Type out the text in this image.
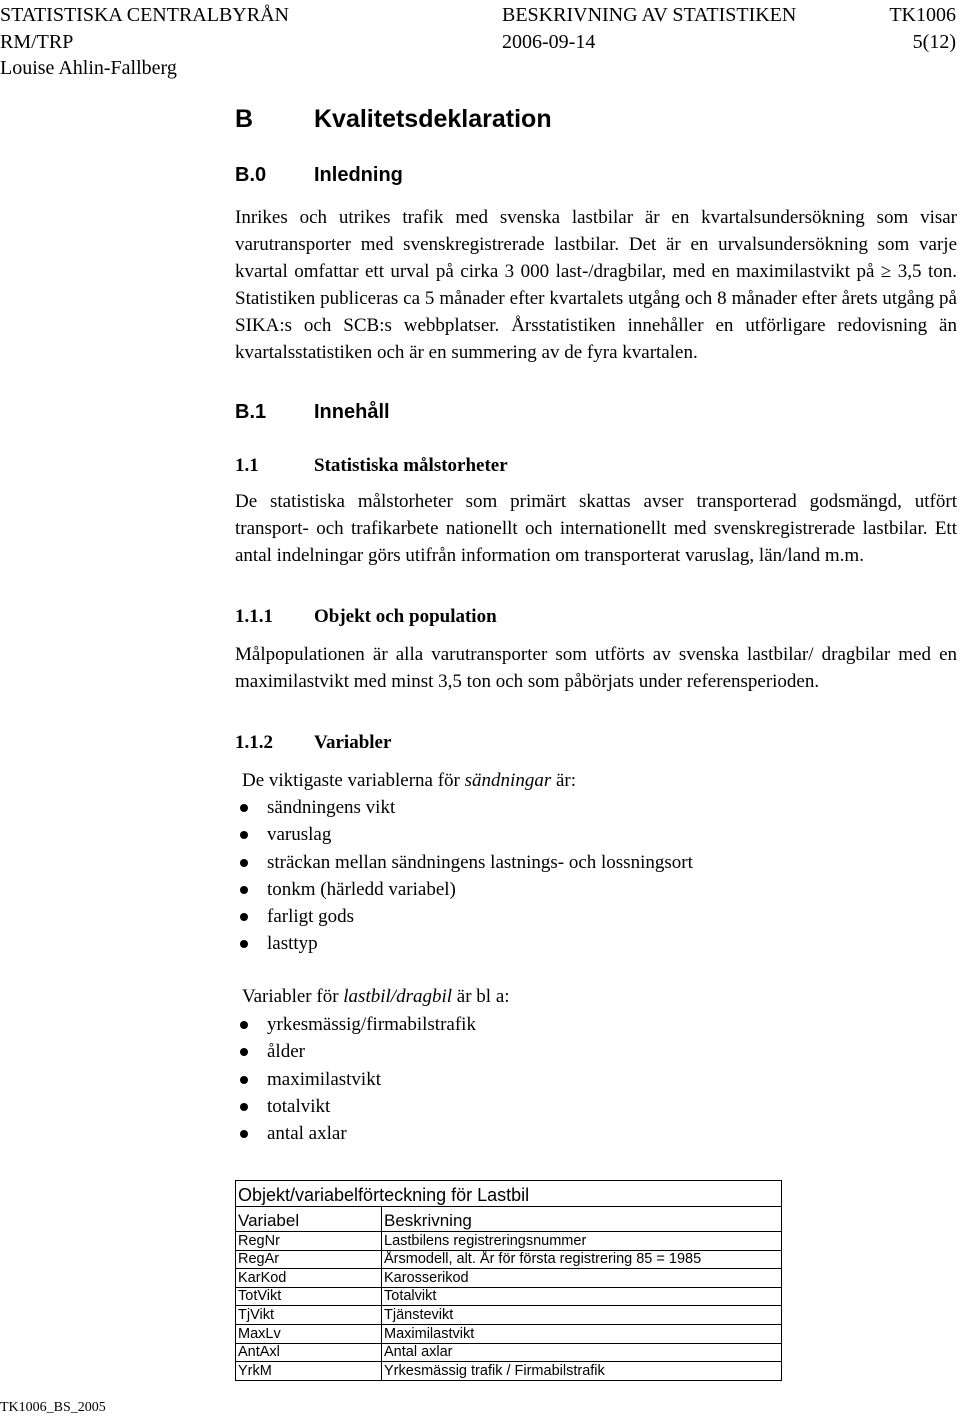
STATISTISKA CENTRALBYRÅN	BESKRIVNING AV STATISTIKEN	TK1006
RM/TRP	2006-09-14	5(12)
Louise Ahlin-Fallberg
B Kvalitetsdeklaration
B.0 Inledning

Inrikes och utrikes trafik med svenska lastbilar är en kvartalsundersökning som visar varutransporter med svenskregistrerade lastbilar. Det är en urvalsundersökning som varje kvartal omfattar ett urval på cirka 3 000 last-/dragbilar, med en maximilastvikt på ≥ 3,5 ton. Statistiken publiceras ca 5 månader efter kvartalets utgång och 8 månader efter årets utgång på SIKA:s och SCB:s webbplatser. Årsstatistiken innehåller en utförligare redovisning än kvartalsstatistiken och är en summering av de fyra kvartalen.

B.1 Innehåll
1.1	Statistiska målstorheter

De statistiska målstorheter som primärt skattas avser transporterad godsmängd, utfört transport- och trafikarbete nationellt och internationellt med svenskregistrerade lastbilar. Ett antal indelningar görs utifrån information om transporterat varuslag, län/land m.m.

1.1.1 Objekt och population

Målpopulationen är alla varutransporter som utförts av svenska lastbilar/ dragbilar med en maximilastvikt med minst 3,5 ton och som påbörjats under referensperioden.

1.1.2 Variabler
De viktigaste variablerna för sändningar är:
sändningens vikt
varuslag
sträckan mellan sändningens lastnings- och lossningsort
tonkm (härledd variabel)
farligt gods
lasttyp
Variabler för lastbil/dragbil är bl a:
yrkesmässig/firmabilstrafik
ålder
maximilastvikt
totalvikt
antal axlar
Objekt/variabelförteckning för Lastbil	
Variabel	Beskrivning
RegNr	Lastbilens registreringsnummer
RegAr	Årsmodell, alt. År för första registrering 85 = 1985
KarKod	Karosserikod
TotVikt	Totalvikt
TjVikt	Tjänstevikt
MaxLv	Maximilastvikt
AntAxl	Antal axlar
YrkM	Yrkesmässig trafik / Firmabilstrafik
TK1006_BS_2005
